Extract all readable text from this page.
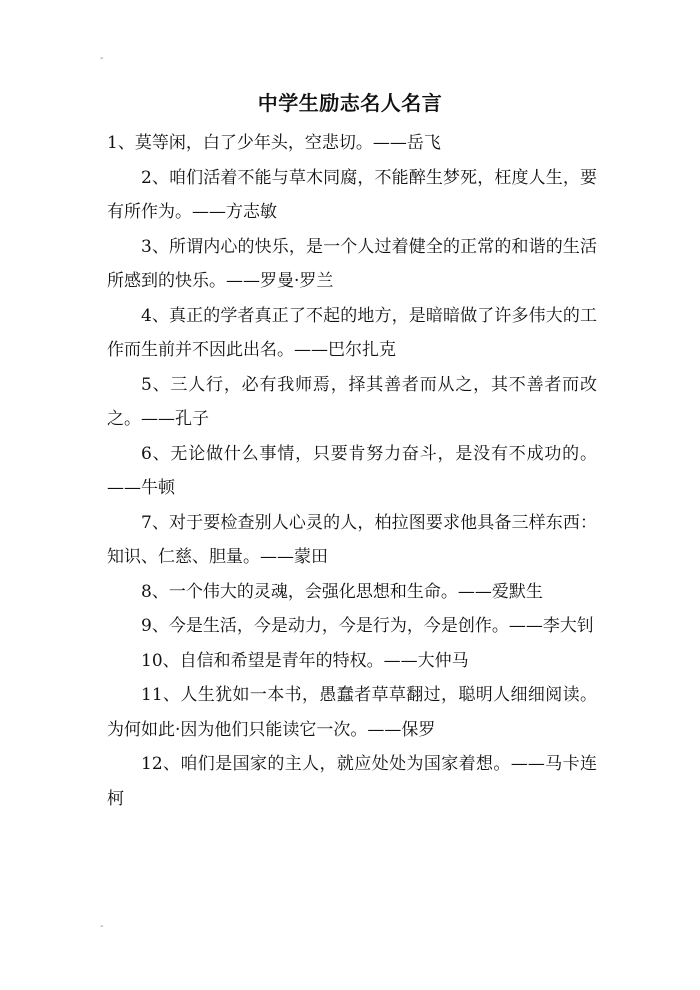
-
中学生励志名人名言

1、莫等闲，白了少年头，空悲切。——岳飞

2、咱们活着不能与草木同腐，不能醉生梦死，枉度人生，要有所作为。——方志敏

3、所谓内心的快乐，是一个人过着健全的正常的和谐的生活所感到的快乐。——罗曼·罗兰

4、真正的学者真正了不起的地方，是暗暗做了许多伟大的工作而生前并不因此出名。——巴尔扎克

5、三人行，必有我师焉，择其善者而从之，其不善者而改之。——孔子

6、无论做什么事情，只要肯努力奋斗，是没有不成功的。——牛顿

7、对于要检查别人心灵的人，柏拉图要求他具备三样东西：知识、仁慈、胆量。——蒙田

8、一个伟大的灵魂，会强化思想和生命。——爱默生

9、今是生活，今是动力，今是行为，今是创作。——李大钊

10、自信和希望是青年的特权。——大仲马

11、人生犹如一本书，愚蠢者草草翻过，聪明人细细阅读。为何如此·因为他们只能读它一次。——保罗

12、咱们是国家的主人，就应处处为国家着想。——马卡连柯

-
